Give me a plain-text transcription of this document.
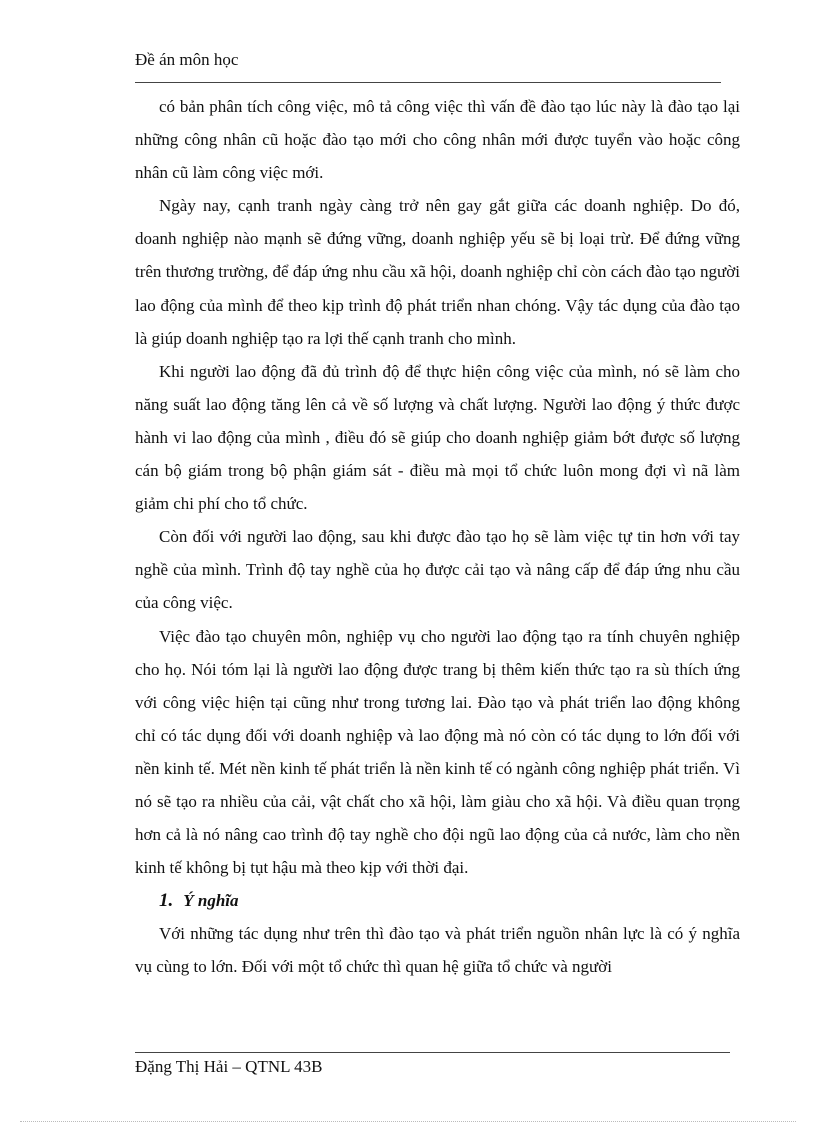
Đề án môn học

có bản phân tích công việc, mô tả công việc thì vấn đề đào tạo lúc này là đào tạo lại những công nhân cũ hoặc đào tạo mới cho công nhân mới được tuyển vào hoặc công nhân cũ làm công việc mới.

Ngày nay, cạnh tranh ngày càng trở nên gay gắt giữa các doanh nghiệp. Do đó, doanh nghiệp nào mạnh sẽ đứng vững, doanh nghiệp yếu sẽ bị loại trừ. Để đứng vững trên thương trường, để đáp ứng nhu cầu xã hội, doanh nghiệp chỉ còn cách đào tạo người lao động của mình để theo kịp trình độ phát triển nhan chóng. Vậy tác dụng của đào tạo là giúp doanh nghiệp tạo ra lợi thế cạnh tranh cho mình.

Khi người lao động đã đủ trình độ để thực hiện công việc của mình, nó sẽ làm cho năng suất lao động tăng lên cả về số lượng và chất lượng. Người lao động ý thức được hành vi lao động của mình , điều đó sẽ giúp cho doanh nghiệp giảm bớt được số lượng cán bộ giám trong bộ phận giám sát - điều mà mọi tổ chức luôn mong đợi vì nã làm giảm chi phí cho tổ chức.

Còn đối với người lao động, sau khi được đào tạo họ sẽ làm việc tự tin hơn với tay nghề của mình. Trình độ tay nghề của họ được cải tạo và nâng cấp để đáp ứng nhu cầu của công việc.

Việc đào tạo chuyên môn, nghiệp vụ cho người lao động tạo ra tính chuyên nghiệp cho họ. Nói tóm lại là người lao động được trang bị thêm kiến thức tạo ra sù thích ứng với công việc hiện tại cũng như trong tương lai. Đào tạo và phát triển lao động không chỉ có tác dụng đối với doanh nghiệp và lao động mà nó còn có tác dụng to lớn đối với nền kinh tế. Mét nền kinh tế phát triển là nền kinh tế có ngành công nghiệp phát triển. Vì nó sẽ tạo ra nhiều của cải, vật chất cho xã hội, làm giàu cho xã hội. Và điều quan trọng hơn cả là nó nâng cao trình độ tay nghề cho đội ngũ lao động của cả nước, làm cho nền kinh tế không bị tụt hậu mà theo kịp với thời đại.

1. Ý nghĩa

Với những tác dụng như trên thì đào tạo và phát triển nguồn nhân lực là có ý nghĩa vụ cùng to lớn. Đối với một tổ chức thì quan hệ giữa tổ chức và người

Đặng Thị Hải – QTNL 43B
